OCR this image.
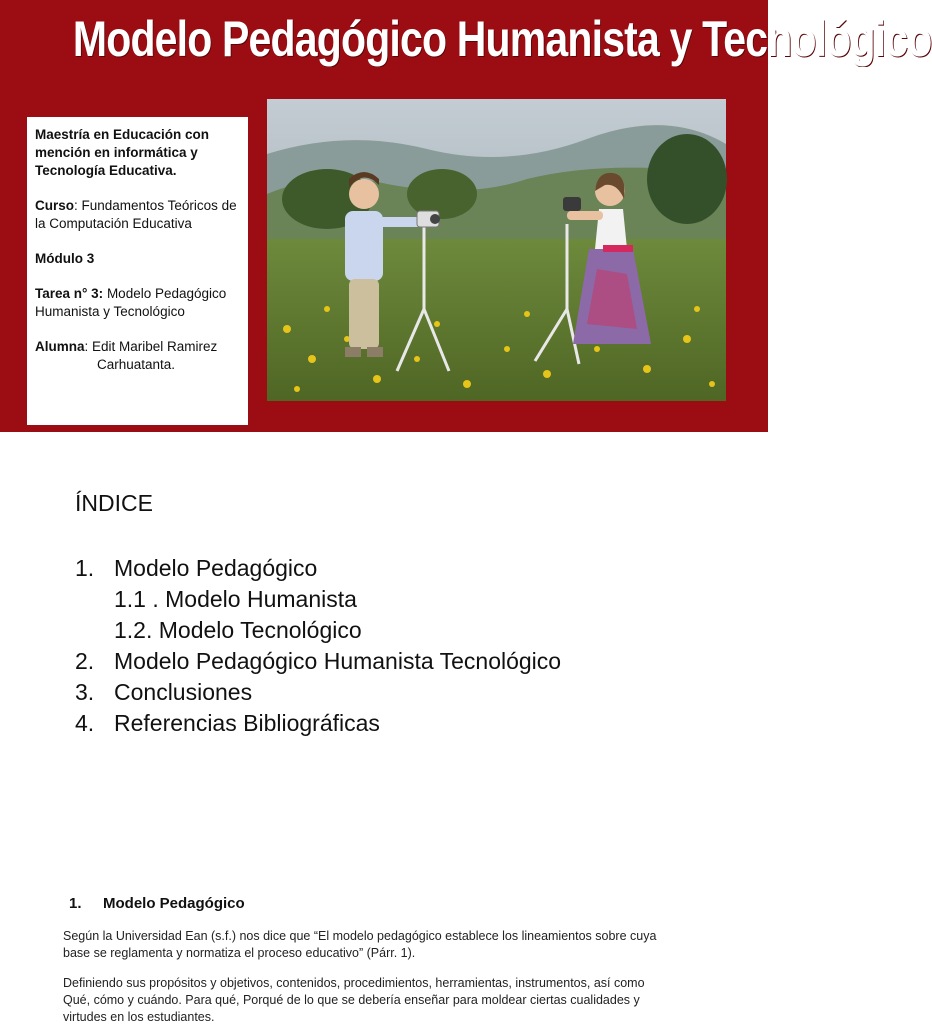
Modelo Pedagógico Humanista y Tecnológico

Maestría en Educación con mención en informática y Tecnología Educativa.

Curso: Fundamentos Teóricos de la Computación Educativa

Módulo 3

Tarea n° 3: Modelo Pedagógico Humanista y Tecnológico

Alumna: Edit Maribel Ramirez
Carhuatanta.

ÍNDICE
1. Modelo Pedagógico
1.1 . Modelo Humanista
1.2. Modelo Tecnológico
2. Modelo Pedagógico Humanista Tecnológico
3. Conclusiones
4. Referencias Bibliográficas
1. Modelo Pedagógico

Según la Universidad Ean (s.f.) nos dice que “El modelo pedagógico establece los lineamientos sobre cuya base se reglamenta y normatiza el proceso educativo” (Párr. 1).

Definiendo sus propósitos y objetivos, contenidos, procedimientos, herramientas, instrumentos, así como Qué, cómo y cuándo. Para qué, Porqué de lo que se debería enseñar para moldear ciertas cualidades y virtudes en los estudiantes.
